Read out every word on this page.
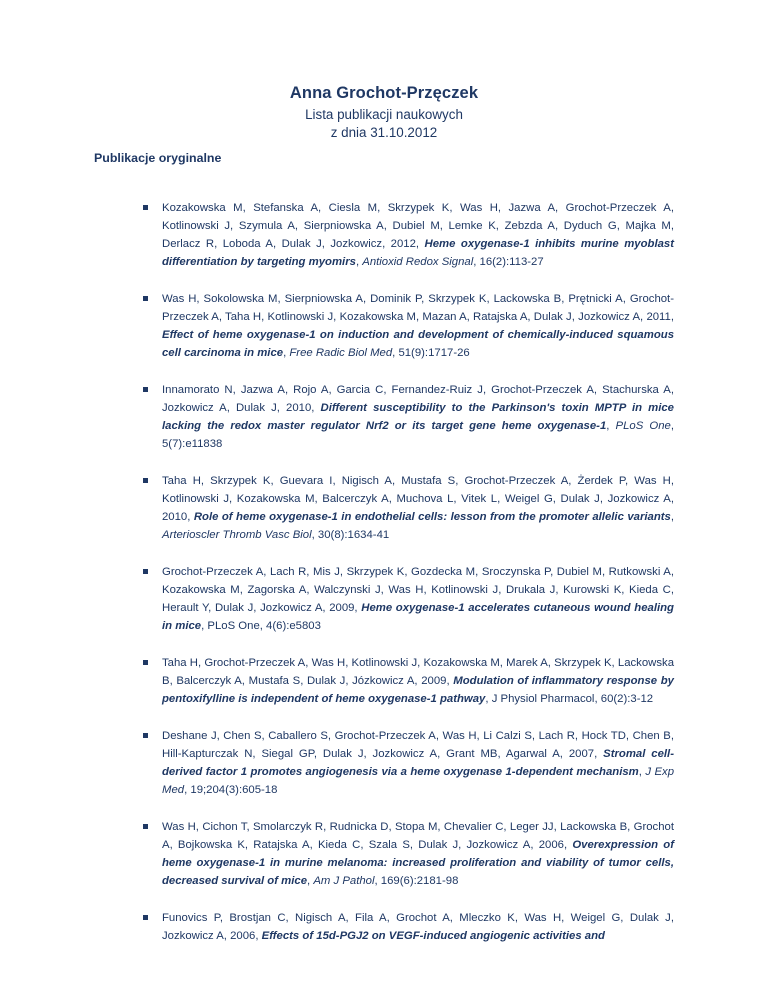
Anna Grochot-Przęczek
Lista publikacji naukowych
z dnia 31.10.2012
Publikacje oryginalne
Kozakowska M, Stefanska A, Ciesla M, Skrzypek K, Was H, Jazwa A, Grochot-Przeczek A, Kotlinowski J, Szymula A, Sierpniowska A, Dubiel M, Lemke K, Zebzda A, Dyduch G, Majka M, Derlacz R, Loboda A, Dulak J, Jozkowicz, 2012, Heme oxygenase-1 inhibits murine myoblast differentiation by targeting myomirs, Antioxid Redox Signal, 16(2):113-27
Was H, Sokolowska M, Sierpniowska A, Dominik P, Skrzypek K, Lackowska B, Prętnicki A, Grochot-Przeczek A, Taha H, Kotlinowski J, Kozakowska M, Mazan A, Ratajska A, Dulak J, Jozkowicz A, 2011, Effect of heme oxygenase-1 on induction and development of chemically-induced squamous cell carcinoma in mice, Free Radic Biol Med, 51(9):1717-26
Innamorato N, Jazwa A, Rojo A, Garcia C, Fernandez-Ruiz J, Grochot-Przeczek A, Stachurska A, Jozkowicz A, Dulak J, 2010, Different susceptibility to the Parkinson's toxin MPTP in mice lacking the redox master regulator Nrf2 or its target gene heme oxygenase-1, PLoS One, 5(7):e11838
Taha H, Skrzypek K, Guevara I, Nigisch A, Mustafa S, Grochot-Przeczek A, Żerdek P, Was H, Kotlinowski J, Kozakowska M, Balcerczyk A, Muchova L, Vitek L, Weigel G, Dulak J, Jozkowicz A, 2010, Role of heme oxygenase-1 in endothelial cells: lesson from the promoter allelic variants, Arterioscler Thromb Vasc Biol, 30(8):1634-41
Grochot-Przeczek A, Lach R, Mis J, Skrzypek K, Gozdecka M, Sroczynska P, Dubiel M, Rutkowski A, Kozakowska M, Zagorska A, Walczynski J, Was H, Kotlinowski J, Drukala J, Kurowski K, Kieda C, Herault Y, Dulak J, Jozkowicz A, 2009, Heme oxygenase-1 accelerates cutaneous wound healing in mice, PLoS One, 4(6):e5803
Taha H, Grochot-Przeczek A, Was H, Kotlinowski J, Kozakowska M, Marek A, Skrzypek K, Lackowska B, Balcerczyk A, Mustafa S, Dulak J, Józkowicz A, 2009, Modulation of inflammatory response by pentoxifylline is independent of heme oxygenase-1 pathway, J Physiol Pharmacol, 60(2):3-12
Deshane J, Chen S, Caballero S, Grochot-Przeczek A, Was H, Li Calzi S, Lach R, Hock TD, Chen B, Hill-Kapturczak N, Siegal GP, Dulak J, Jozkowicz A, Grant MB, Agarwal A, 2007, Stromal cell-derived factor 1 promotes angiogenesis via a heme oxygenase 1-dependent mechanism, J Exp Med, 19;204(3):605-18
Was H, Cichon T, Smolarczyk R, Rudnicka D, Stopa M, Chevalier C, Leger JJ, Lackowska B, Grochot A, Bojkowska K, Ratajska A, Kieda C, Szala S, Dulak J, Jozkowicz A, 2006, Overexpression of heme oxygenase-1 in murine melanoma: increased proliferation and viability of tumor cells, decreased survival of mice, Am J Pathol, 169(6):2181-98
Funovics P, Brostjan C, Nigisch A, Fila A, Grochot A, Mleczko K, Was H, Weigel G, Dulak J, Jozkowicz A, 2006, Effects of 15d-PGJ2 on VEGF-induced angiogenic activities and
